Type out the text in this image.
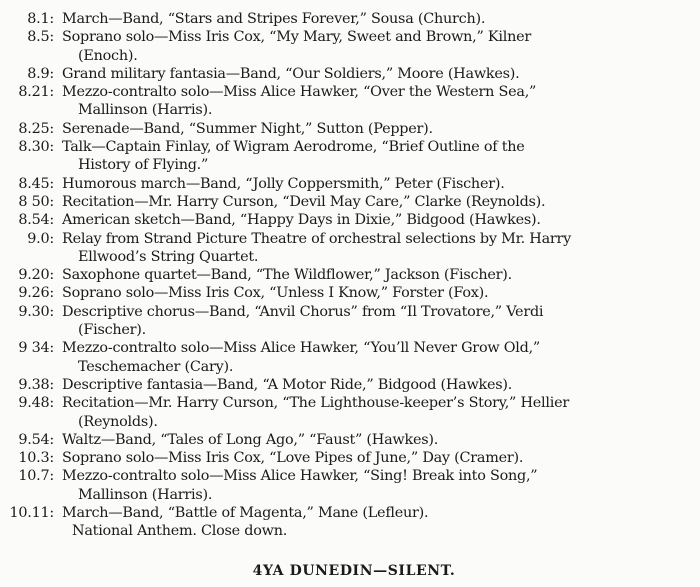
8.1: March—Band, “Stars and Stripes Forever,” Sousa (Church).
8.5: Soprano solo—Miss Iris Cox, “My Mary, Sweet and Brown,” Kilner
(Enoch).
8.9: Grand military fantasia—Band, “Our Soldiers,” Moore (Hawkes).
8.21: Mezzo-contralto solo—Miss Alice Hawker, “Over the Western Sea,”
Mallinson (Harris).
8.25: Serenade—Band, “Summer Night,” Sutton (Pepper).
8.30: Talk—Captain Finlay, of Wigram Aerodrome, “Brief Outline of the
History of Flying.”
8.45: Humorous march—Band, “Jolly Coppersmith,” Peter (Fischer).
8 50: Recitation—Mr. Harry Curson, “Devil May Care,” Clarke (Reynolds).
8.54: American sketch—Band, “Happy Days in Dixie,” Bidgood (Hawkes).
9.0: Relay from Strand Picture Theatre of orchestral selections by Mr. Harry
Ellwood’s String Quartet.
9.20: Saxophone quartet—Band, “The Wildflower,” Jackson (Fischer).
9.26: Soprano solo—Miss Iris Cox, “Unless I Know,” Forster (Fox).
9.30: Descriptive chorus—Band, “Anvil Chorus” from “Il Trovatore,” Verdi
(Fischer).
9 34: Mezzo-contralto solo—Miss Alice Hawker, “You’ll Never Grow Old,”
Teschemacher (Cary).
9.38: Descriptive fantasia—Band, “A Motor Ride,” Bidgood (Hawkes).
9.48: Recitation—Mr. Harry Curson, “The Lighthouse-keeper’s Story,” Hellier
(Reynolds).
9.54: Waltz—Band, “Tales of Long Ago,” “Faust” (Hawkes).
10.3: Soprano solo—Miss Iris Cox, “Love Pipes of June,” Day (Cramer).
10.7: Mezzo-contralto solo—Miss Alice Hawker, “Sing! Break into Song,”
Mallinson (Harris).
10.11: March—Band, “Battle of Magenta,” Mane (Lefleur).
National Anthem. Close down.
4YA DUNEDIN—SILENT.
